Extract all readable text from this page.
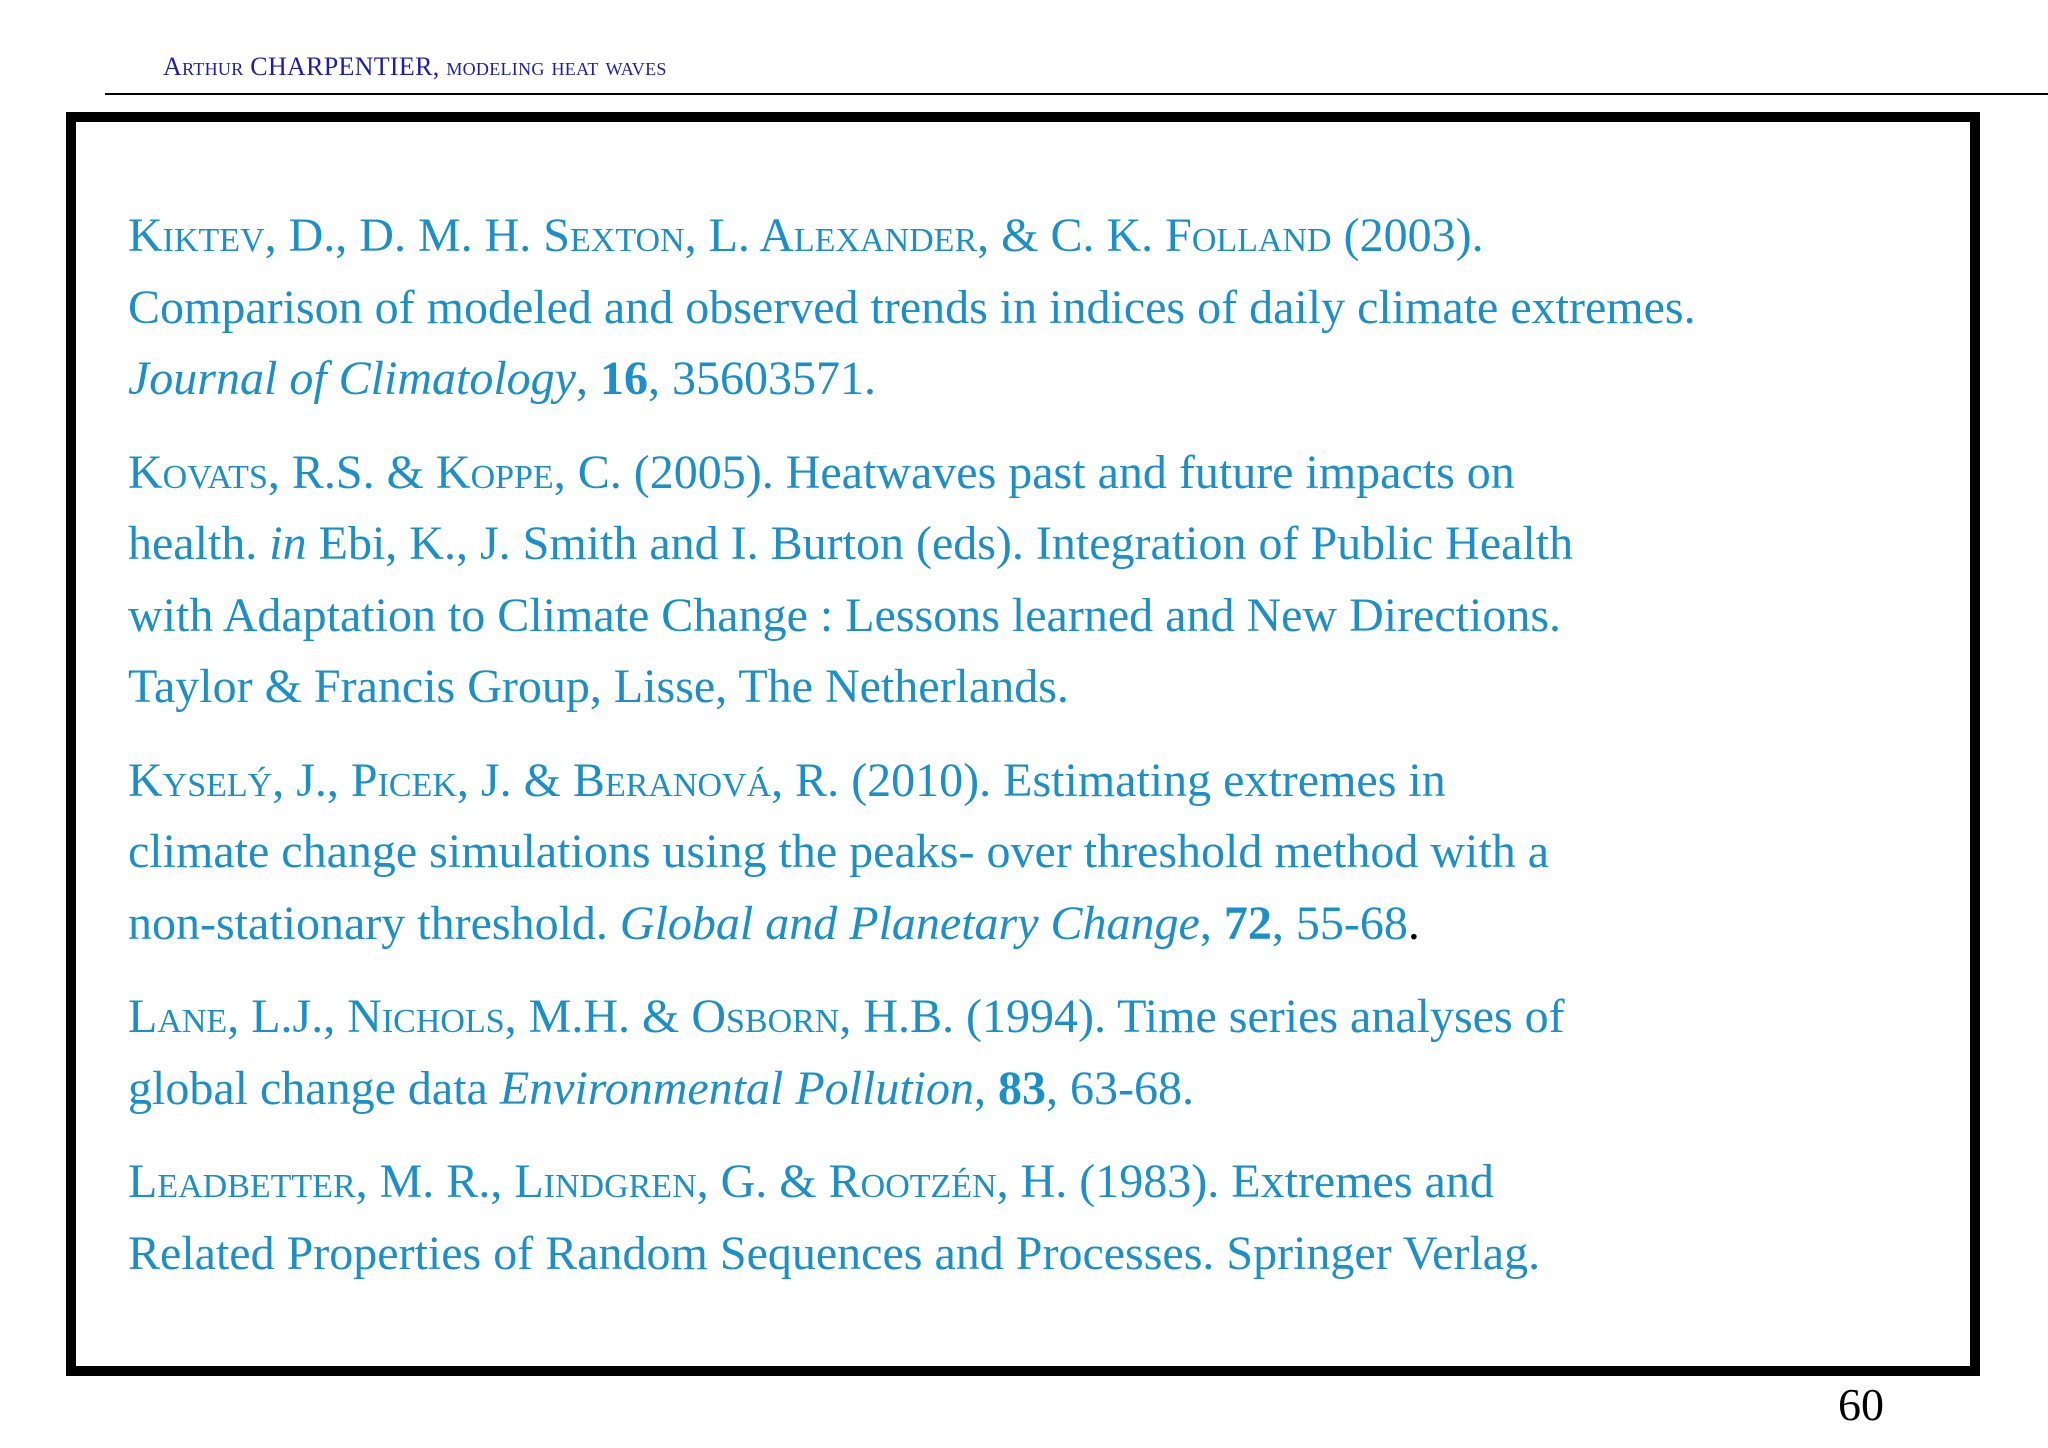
Arthur CHARPENTIER, modeling heat waves
Kiktev, D., D. M. H. Sexton, L. Alexander, & C. K. Folland (2003).
Comparison of modeled and observed trends in indices of daily climate extremes.
Journal of Climatology, 16, 35603571.
Kovats, R.S. & Koppe, C. (2005). Heatwaves past and future impacts on
health. in Ebi, K., J. Smith and I. Burton (eds). Integration of Public Health
with Adaptation to Climate Change : Lessons learned and New Directions.
Taylor & Francis Group, Lisse, The Netherlands.
Kyselý, J., Picek, J. & Beranová, R. (2010). Estimating extremes in
climate change simulations using the peaks- over threshold method with a
non-stationary threshold. Global and Planetary Change, 72, 55-68.
Lane, L.J., Nichols, M.H. & Osborn, H.B. (1994). Time series analyses of
global change data Environmental Pollution, 83, 63-68.
Leadbetter, M. R., Lindgren, G. & Rootzén, H. (1983). Extremes and
Related Properties of Random Sequences and Processes. Springer Verlag.
60
